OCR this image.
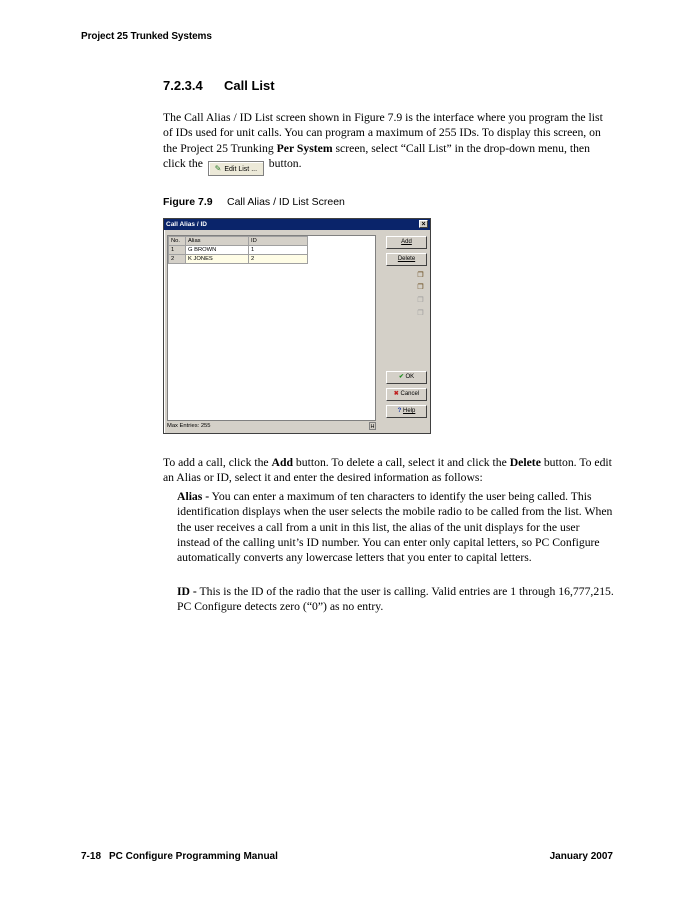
Project 25 Trunked Systems
7.2.3.4 Call List
The Call Alias / ID List screen shown in Figure 7.9 is the interface where you program the list of IDs used for unit calls. You can program a maximum of 255 IDs. To display this screen, on the Project 25 Trunking Per System screen, select “Call List” in the drop-down menu, then click the ✎ Edit List ... button.
Figure 7.9 Call Alias / ID List Screen
Call Alias / ID	×
No.	Alias	ID
1	G BROWN	1
2	K JONES	2
Add
Delete
❐
❐
❐
❐
✔ OK
✖ Cancel
? Help
Max Entries: 255	H
To add a call, click the Add button. To delete a call, select it and click the Delete button. To edit an Alias or ID, select it and enter the desired information as follows:
Alias - You can enter a maximum of ten characters to identify the user being called. This identification displays when the user selects the mobile radio to be called from the list. When the user receives a call from a unit in this list, the alias of the unit displays for the user instead of the calling unit’s ID number. You can enter only capital letters, so PC Configure automatically converts any lowercase letters that you enter to capital letters.
ID - This is the ID of the radio that the user is calling. Valid entries are 1 through 16,777,215. PC Configure detects zero (“0”) as no entry.
7-18 PC Configure Programming Manual	January 2007
